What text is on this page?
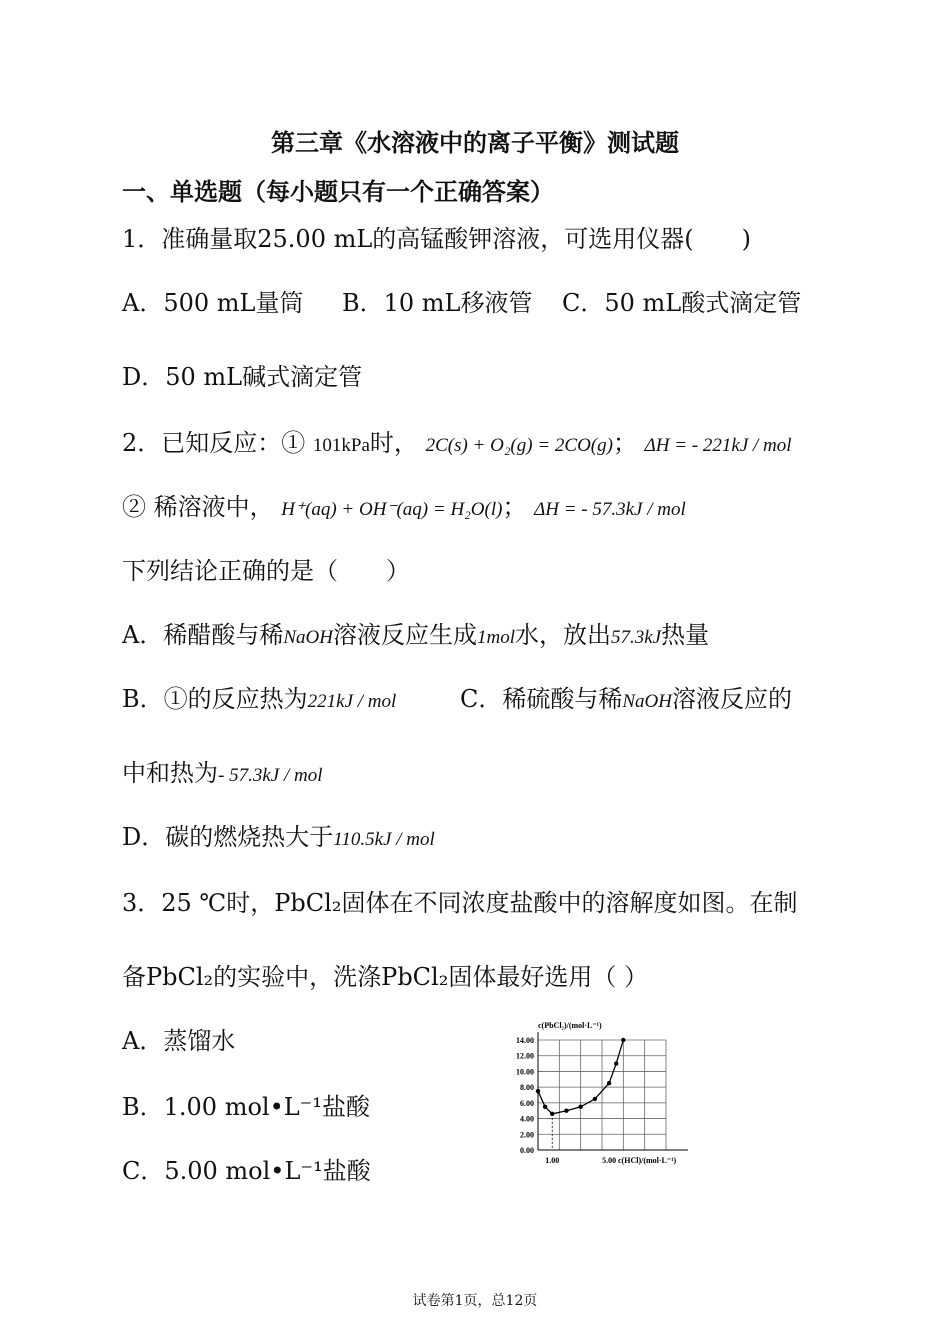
第三章《水溶液中的离子平衡》测试题
一、单选题（每小题只有一个正确答案）
1．准确量取25.00 mL的高锰酸钾溶液，可选用仪器(　　)
A．500 mL量筒 B．10 mL移液管 C．50 mL酸式滴定管
D．50 mL碱式滴定管
2．已知反应：① 101kPa时， 2C(s) + O₂(g) = 2CO(g)； ΔH = - 221kJ / mol
② 稀溶液中， H⁺(aq) + OH⁻(aq) = H₂O(l)； ΔH = - 57.3kJ / mol
下列结论正确的是（　　）
A．稀醋酸与稀NaOH溶液反应生成1mol水，放出57.3kJ热量
B．①的反应热为221kJ / mol	C．稀硫酸与稀NaOH溶液反应的
中和热为- 57.3kJ / mol
D．碳的燃烧热大于110.5kJ / mol
3．25 ℃时，PbCl₂固体在不同浓度盐酸中的溶解度如图。在制
备PbCl₂的实验中，洗涤PbCl₂固体最好选用（ ）
A．蒸馏水
B．1.00 mol•L⁻¹盐酸
C．5.00 mol•L⁻¹盐酸
14.00
12.00
10.00
8.00
6.00
4.00
2.00
0.00
c(PbCl₂)/(mol·L⁻¹)
c(HCl)/(mol·L⁻¹)
1.00	5.00
试卷第1页，总12页
